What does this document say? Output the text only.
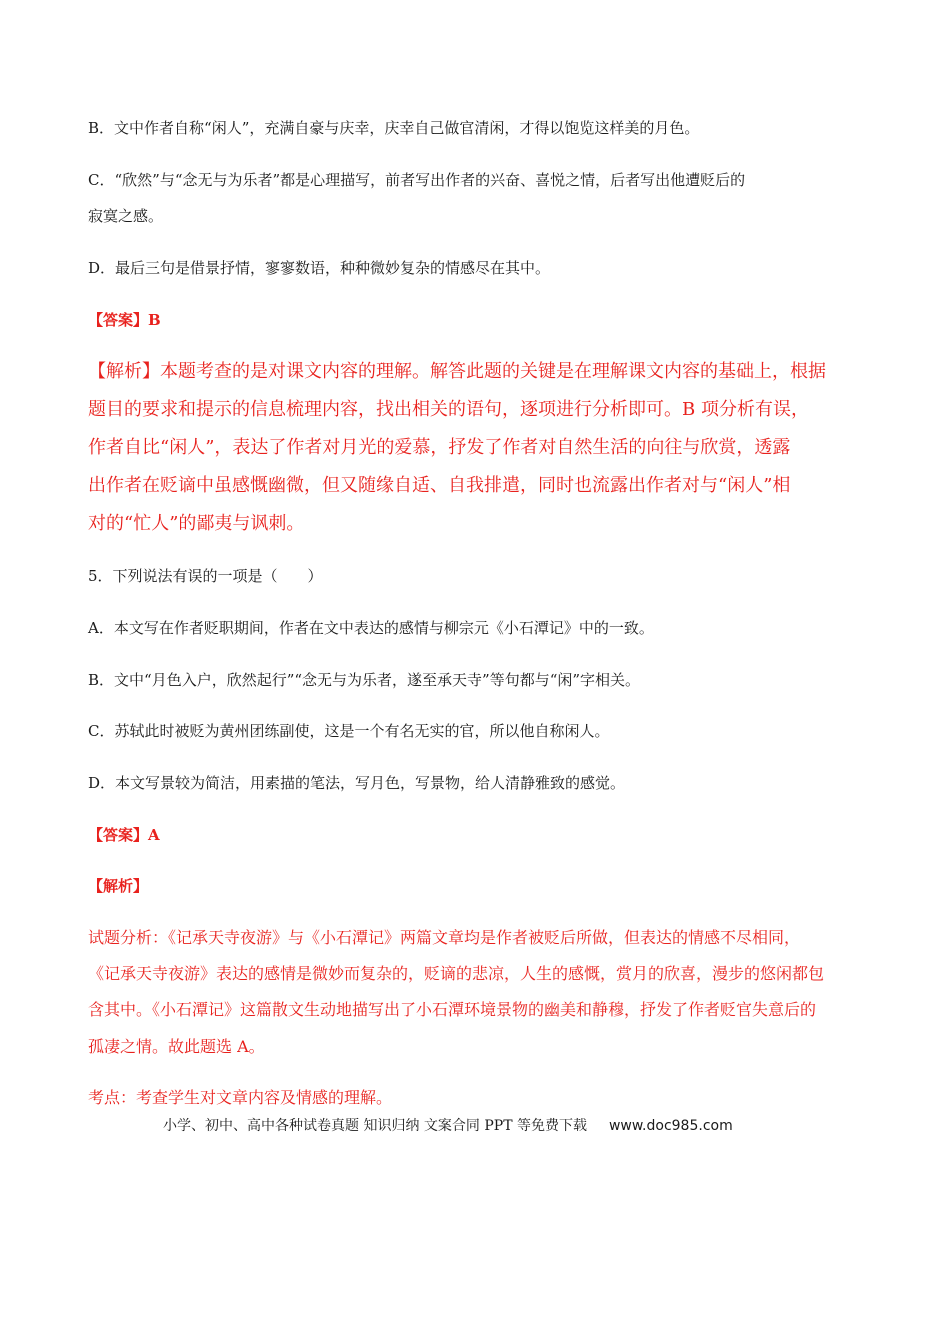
B．文中作者自称“闲人”，充满自豪与庆幸，庆幸自己做官清闲，才得以饱览这样美的月色。
C．“欣然”与“念无与为乐者”都是心理描写，前者写出作者的兴奋、喜悦之情，后者写出他遭贬后的
寂寞之感。
D．最后三句是借景抒情，寥寥数语，种种微妙复杂的情感尽在其中。
【答案】B
【解析】本题考查的是对课文内容的理解。解答此题的关键是在理解课文内容的基础上，根据
题目的要求和提示的信息梳理内容，找出相关的语句，逐项进行分析即可。B 项分析有误，
作者自比“闲人”，表达了作者对月光的爱慕，抒发了作者对自然生活的向往与欣赏，透露
出作者在贬谪中虽感慨幽微，但又随缘自适、自我排遣，同时也流露出作者对与“闲人”相
对的“忙人”的鄙夷与讽刺。
5．下列说法有误的一项是（　　）
A．本文写在作者贬职期间，作者在文中表达的感情与柳宗元《小石潭记》中的一致。
B．文中“月色入户，欣然起行”“念无与为乐者，遂至承天寺”等句都与“闲”字相关。
C．苏轼此时被贬为黄州团练副使，这是一个有名无实的官，所以他自称闲人。
D．本文写景较为简洁，用素描的笔法，写月色，写景物，给人清静雅致的感觉。
【答案】A
【解析】
试题分析：《记承天寺夜游》与《小石潭记》两篇文章均是作者被贬后所做，但表达的情感不尽相同，
《记承天寺夜游》表达的感情是微妙而复杂的，贬谪的悲凉，人生的感慨，赏月的欣喜，漫步的悠闲都包
含其中。《小石潭记》这篇散文生动地描写出了小石潭环境景物的幽美和静穆，抒发了作者贬官失意后的
孤凄之情。故此题选 A。
考点：考查学生对文章内容及情感的理解。
小学、初中、高中各种试卷真题 知识归纳 文案合同 PPT 等免费下载 www.doc985.com
